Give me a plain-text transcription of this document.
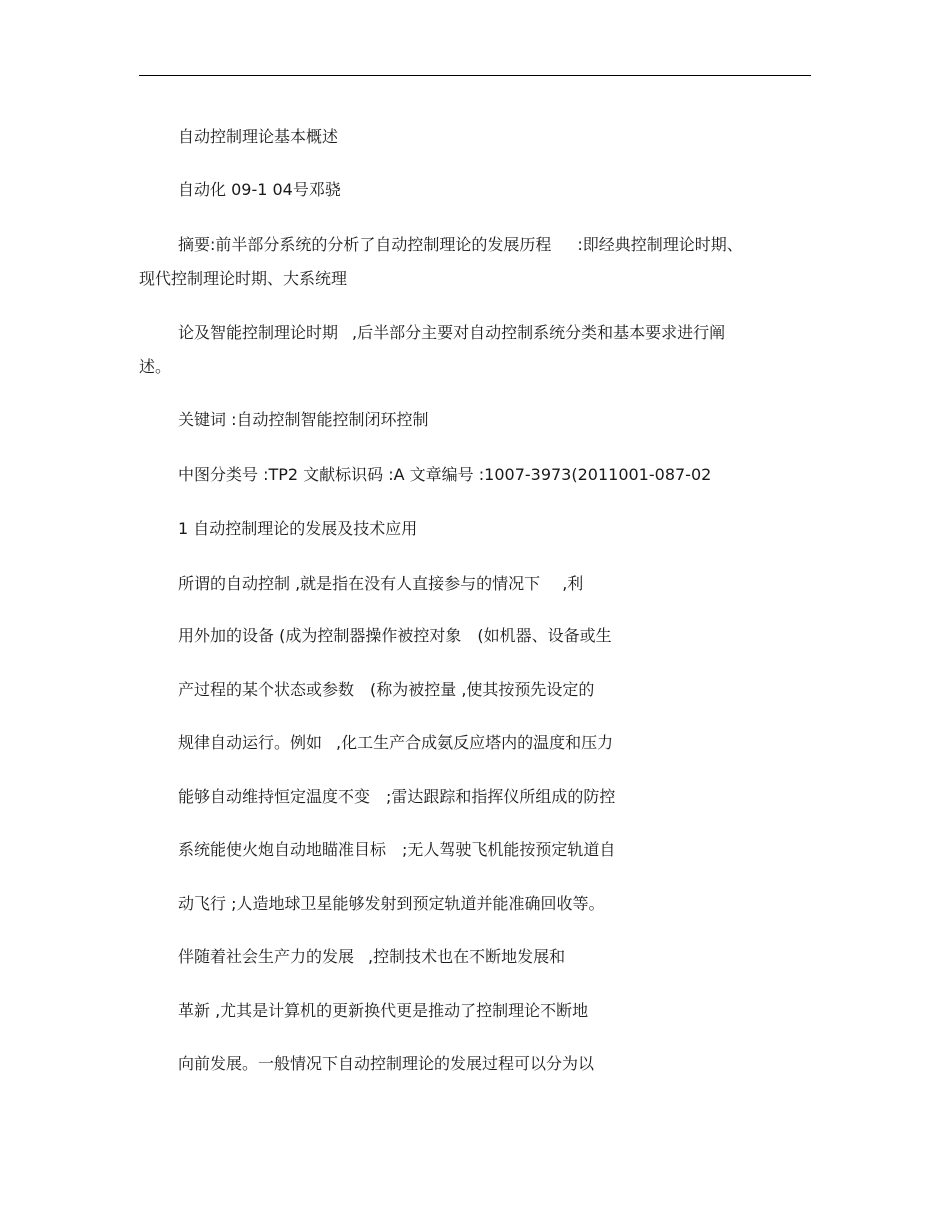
自动控制理论基本概述
自动化 09-1 04号邓骁
摘要:前半部分系统的分析了自动控制理论的发展历程 :即经典控制理论时期、
现代控制理论时期、大系统理
论及智能控制理论时期 ,后半部分主要对自动控制系统分类和基本要求进行阐
述。
关键词 :自动控制智能控制闭环控制
中图分类号 :TP2 文献标识码 :A 文章编号 :1007-3973(2011001-087-02
1 自动控制理论的发展及技术应用
所谓的自动控制 ,就是指在没有人直接参与的情况下 ,利
用外加的设备 (成为控制器操作被控对象 (如机器、设备或生
产过程的某个状态或参数 (称为被控量 ,使其按预先设定的
规律自动运行。例如 ,化工生产合成氨反应塔内的温度和压力
能够自动维持恒定温度不变 ;雷达跟踪和指挥仪所组成的防控
系统能使火炮自动地瞄准目标 ;无人驾驶飞机能按预定轨道自
动飞行 ;人造地球卫星能够发射到预定轨道并能准确回收等。
伴随着社会生产力的发展 ,控制技术也在不断地发展和
革新 ,尤其是计算机的更新换代更是推动了控制理论不断地
向前发展。一般情况下自动控制理论的发展过程可以分为以
